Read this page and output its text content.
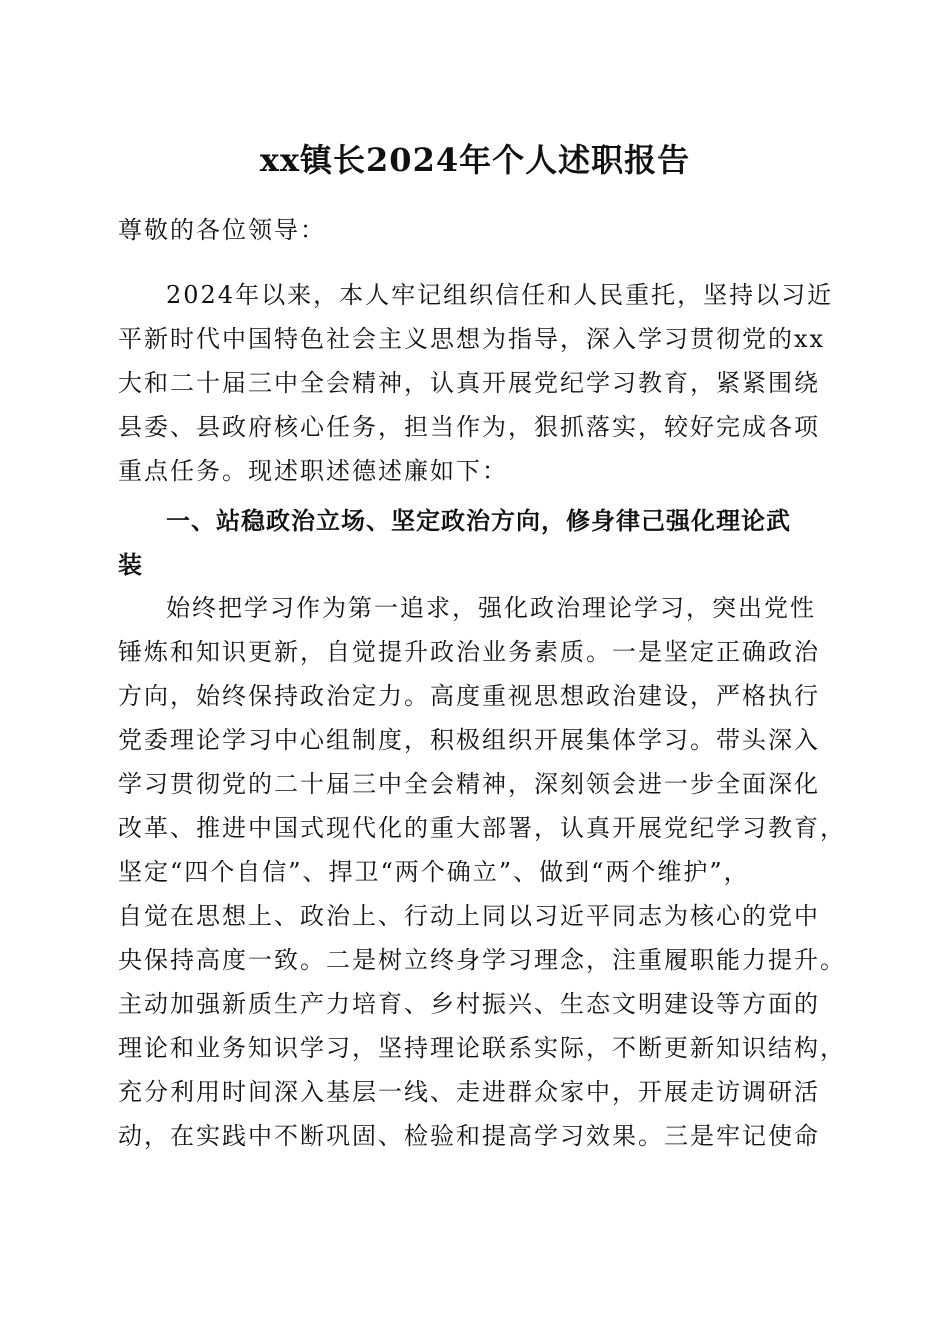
xx镇长2024年个人述职报告
尊敬的各位领导：
2024年以来，本人牢记组织信任和人民重托，坚持以习近
平新时代中国特色社会主义思想为指导，深入学习贯彻党的xx
大和二十届三中全会精神，认真开展党纪学习教育，紧紧围绕
县委、县政府核心任务，担当作为，狠抓落实，较好完成各项
重点任务。现述职述德述廉如下：
一、站稳政治立场、坚定政治方向，修身律己强化理论武
装
始终把学习作为第一追求，强化政治理论学习，突出党性
锤炼和知识更新，自觉提升政治业务素质。一是坚定正确政治
方向，始终保持政治定力。高度重视思想政治建设，严格执行
党委理论学习中心组制度，积极组织开展集体学习。带头深入
学习贯彻党的二十届三中全会精神，深刻领会进一步全面深化
改革、推进中国式现代化的重大部署，认真开展党纪学习教育，
坚定“四个自信”、捍卫“两个确立”、做到“两个维护”，
自觉在思想上、政治上、行动上同以习近平同志为核心的党中
央保持高度一致。二是树立终身学习理念，注重履职能力提升。
主动加强新质生产力培育、乡村振兴、生态文明建设等方面的
理论和业务知识学习，坚持理论联系实际，不断更新知识结构，
充分利用时间深入基层一线、走进群众家中，开展走访调研活
动，在实践中不断巩固、检验和提高学习效果。三是牢记使命
